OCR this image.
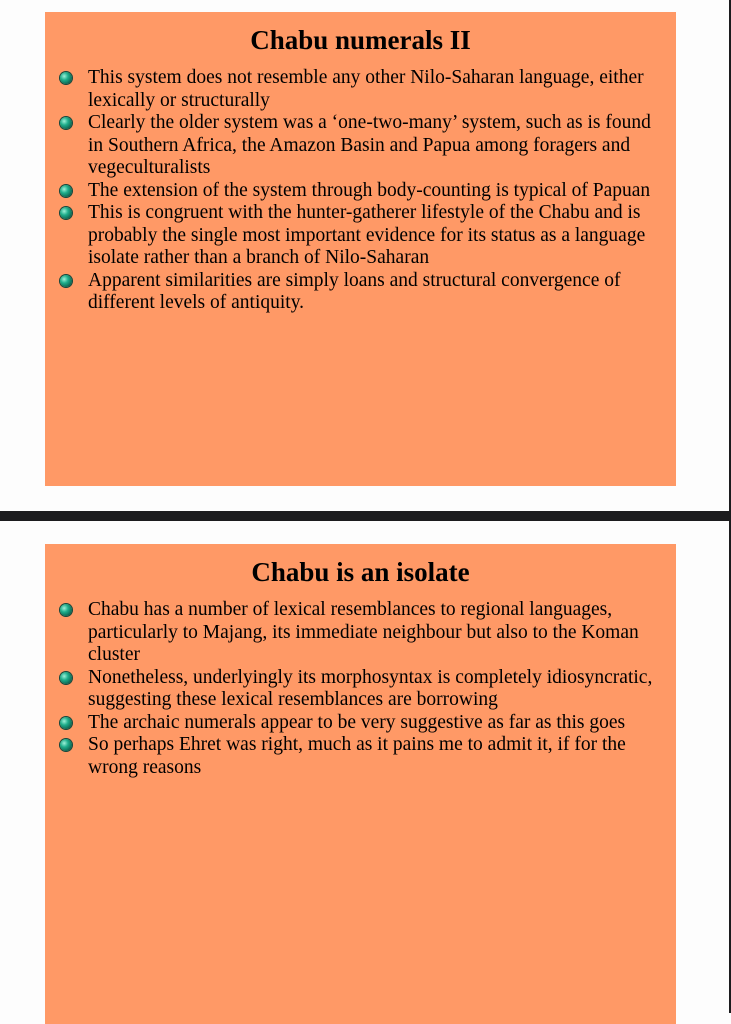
Chabu numerals II
This system does not resemble any other Nilo-Saharan language, either lexically or structurally
Clearly the older system was a ‘one-two-many’ system, such as is found in Southern Africa, the Amazon Basin and Papua among foragers and vegeculturalists
The extension of the system through body-counting is typical of Papuan
This is congruent with the hunter-gatherer lifestyle of the Chabu and is probably the single most important evidence for its status as a language isolate rather than a branch of Nilo-Saharan
Apparent similarities are simply loans and structural convergence of different levels of antiquity.
Chabu is an isolate
Chabu has a number of lexical resemblances to regional languages, particularly to Majang, its immediate neighbour but also to the Koman cluster
Nonetheless, underlyingly its morphosyntax is completely idiosyncratic, suggesting these lexical resemblances are borrowing
The archaic numerals appear to be very suggestive as far as this goes
So perhaps Ehret was right, much as it pains me to admit it, if for the wrong reasons
